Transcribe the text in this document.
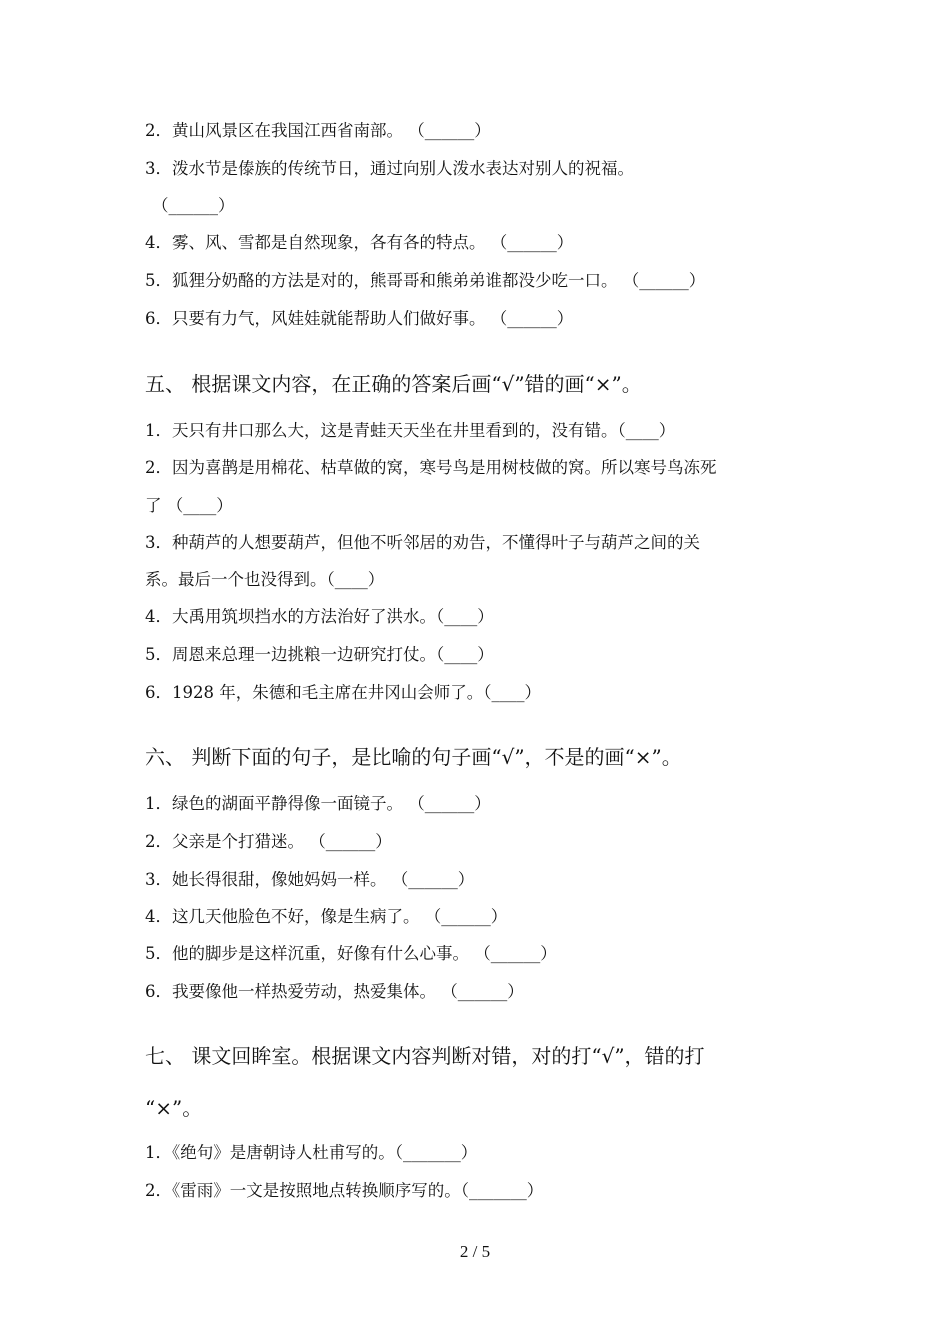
2．黄山风景区在我国江西省南部。 （______）
3．泼水节是傣族的传统节日，通过向别人泼水表达对别人的祝福。
（______）
4．雾、风、雪都是自然现象，各有各的特点。 （______）
5．狐狸分奶酪的方法是对的，熊哥哥和熊弟弟谁都没少吃一口。 （______）
6．只要有力气，风娃娃就能帮助人们做好事。 （______）
五、 根据课文内容，在正确的答案后画“√”错的画“×”。
1．天只有井口那么大，这是青蛙天天坐在井里看到的，没有错。（____）
2．因为喜鹊是用棉花、枯草做的窝，寒号鸟是用树枝做的窝。所以寒号鸟冻死
了 （____）
3．种葫芦的人想要葫芦，但他不听邻居的劝告，不懂得叶子与葫芦之间的关
系。最后一个也没得到。（____）
4．大禹用筑坝挡水的方法治好了洪水。（____）
5．周恩来总理一边挑粮一边研究打仗。（____）
6．1928 年，朱德和毛主席在井冈山会师了。（____）
六、 判断下面的句子，是比喻的句子画“√”，不是的画“×”。
1．绿色的湖面平静得像一面镜子。 （______）
2．父亲是个打猎迷。 （______）
3．她长得很甜，像她妈妈一样。 （______）
4．这几天他脸色不好，像是生病了。 （______）
5．他的脚步是这样沉重，好像有什么心事。 （______）
6．我要像他一样热爱劳动，热爱集体。 （______）
七、 课文回眸室。根据课文内容判断对错，对的打“√”，错的打
“×”。
1．《绝句》是唐朝诗人杜甫写的。（_______）
2．《雷雨》一文是按照地点转换顺序写的。（_______）
2 / 5
